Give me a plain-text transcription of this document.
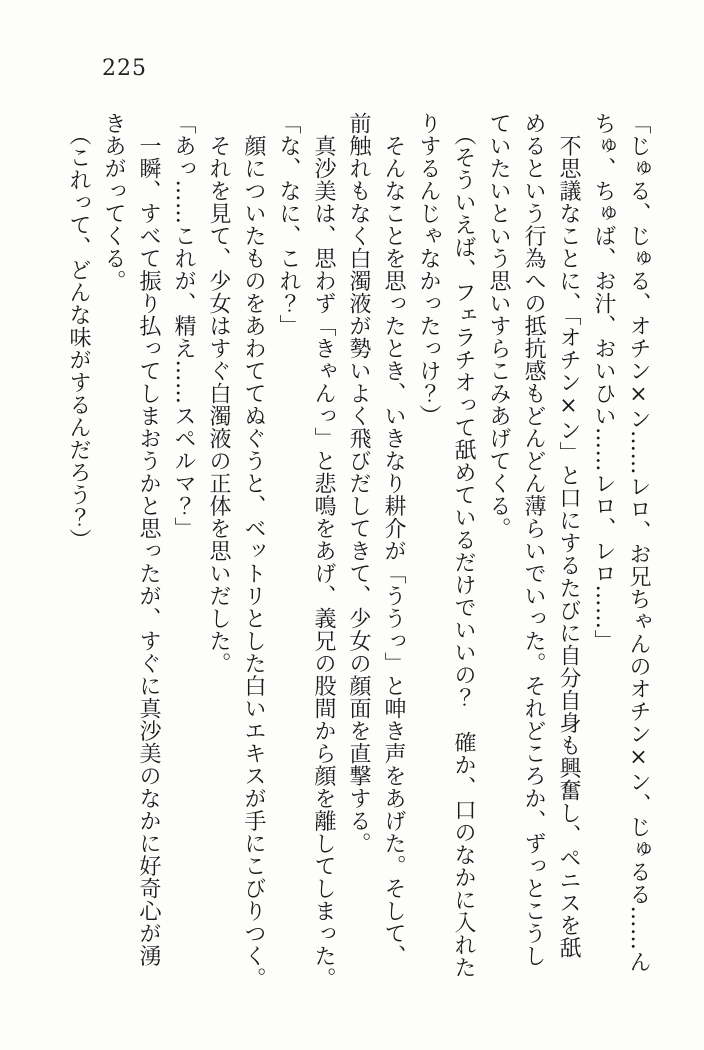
225

「じゅる、じゅる、オチン×ン……レロ、お兄ちゃんのオチン×ン、じゅるる……ん

ちゅ、ちゅば、お汁、おいひい……レロ、レロ……」

　不思議なことに、「オチン×ン」と口にするたびに自分自身も興奮し、ペニスを舐

めるという行為への抵抗感もどんどん薄らいでいった。それどころか、ずっとこうし

ていたいという思いすらこみあげてくる。

　（そういえば、フェラチオって舐めているだけでいいの？　確か、口のなかに入れた

りするんじゃなかったっけ？）

　そんなことを思ったとき、いきなり耕介が「ううっ」と呻き声をあげた。そして、

前触れもなく白濁液が勢いよく飛びだしてきて、少女の顔面を直撃する。

　真沙美は、思わず「きゃんっ」と悲鳴をあげ、義兄の股間から顔を離してしまった。

「な、なに、これ？」

　顔についたものをあわててぬぐうと、ベットリとした白いエキスが手にこびりつく。

　それを見て、少女はすぐ白濁液の正体を思いだした。

「あっ……これが、精え……スペルマ？」

　一瞬、すべて振り払ってしまおうかと思ったが、すぐに真沙美のなかに好奇心が湧

きあがってくる。

　（これって、どんな味がするんだろう？）
